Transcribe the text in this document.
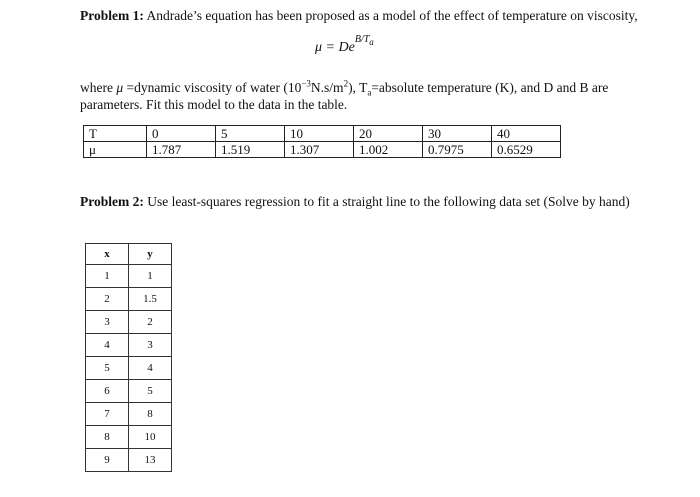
Problem 1: Andrade’s equation has been proposed as a model of the effect of temperature on viscosity,
$\mu = De^{B/Ta}$
where μ =dynamic viscosity of water $(10^{-3}N.s/m^2)$, $T_a=absolute$ temperature (K), and D and B are parameters. Fit this model to the data in the table.
T	0	5	10	20	30	40
μ	1.787	1.519	1.307	1.002	0.7975	0.6529
Problem 2: Use least-squares regression to fit a straight line to the following data set (Solve by hand)
x	y
1	1
2	1.5
3	2
4	3
5	4
6	5
7	8
8	10
9	13
